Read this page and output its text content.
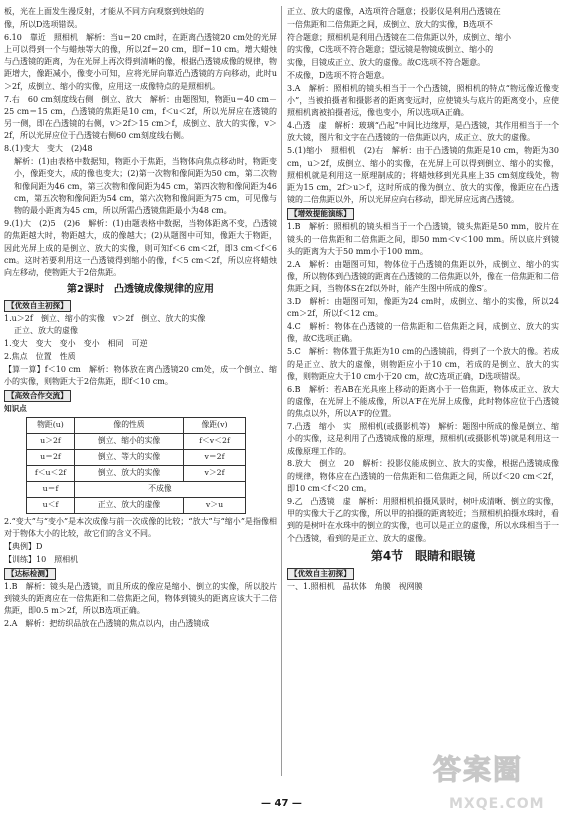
板，光在上面发生漫反射，才能从不同方向观察到烛焰的

像，所以D选项错误。

6.10　靠近　照相机　解析：当u＝20 cm时，在距离凸透镜20 cm处的光屏上可以得到一个与蜡烛等大的像，所以2f＝20 cm，即f＝10 cm。增大蜡烛与凸透镜的距离，为在光屏上再次得到清晰的像，根据凸透镜成像的规律，物距增大，像距减小，像变小可知，应将光屏向靠近凸透镜的方向移动，此时u＞2f，成倒立、缩小的实像，应用这一成像特点的是照相机。

7.右　60 cm刻度线右侧　倒立、放大　解析：由题图知，物距u＝40 cm－25 cm＝15 cm，凸透镜的焦距是10 cm，f＜u＜2f，所以光屏应在透镜的另一侧，即在凸透镜的右侧，v＞2f＞15 cm＞f，成倒立、放大的实像，v＞2f，所以光屏应位于凸透镜右侧60 cm刻度线右侧。

8.(1)变大　变大　(2)48

解析：(1)由表格中数据知，物距小于焦距，当物体向焦点移动时，物距变小，像距变大，成的像也变大；(2)第一次物和像间距为50 cm，第二次物和像间距为46 cm，第三次物和像间距为45 cm，第四次物和像间距为46 cm，第五次物和像间距为54 cm，第六次物和像间距为75 cm，可见像与物的最小距离为45 cm，所以所需凸透镜焦距最小为48 cm。

9.(1)大　(2)5　(2)6　解析：(1)由题表格中数据，当物体距离不变，凸透镜的焦距越大时，物距越大，成的像越大；(2)从题图中可知，像距大于物距，因此光屏上成的是倒立、放大的实像，则可知f＜6 cm＜2f，即3 cm＜f＜6 cm。这时若要利用这一凸透镜得到缩小的像，f＜5 cm＜2f，所以应将蜡烛向左移动，使物距大于2倍焦距。

第2课时　凸透镜成像规律的应用
【优效自主初探】

1.u＞2f　倒立、缩小的实像　v＞2f　倒立、放大的实像

正立、放大的虚像

1.变大　变大　变小　变小　相同　可逆

2.焦点　位置　性质

【算一算】f＜10 cm　解析：物体放在离凸透镜20 cm处，成一个倒立、缩小的实像，则物距大于2倍焦距，即f＜10 cm。

【高效合作交流】

知识点

物距(u)	像的性质	像距(v)
u＞2f	倒立、缩小的实像	f＜v＜2f
u＝2f	倒立、等大的实像	v＝2f
f＜u＜2f	倒立、放大的实像	v＞2f
u＝f	不成像	
u＜f	正立、放大的虚像	v＞u

2.“变大”与“变小”是本次成像与前一次成像的比较；“放大”与“缩小”是指像相对于物体大小的比较，故它们的含义不同。

【典例】D

【训练】10　照相机

【达标检测】

1.B　解析：镜头是凸透镜，而且所成的像应是缩小、倒立的实像，所以胶片到镜头的距离应在一倍焦距和二倍焦距之间，物体到镜头的距离应该大于二倍焦距，即0.5 m＞2f，所以B选项正确。

2.A　解析：把纺织品放在凸透镜的焦点以内，由凸透镜成

正立、放大的虚像，A选项符合题意；投影仪是利用凸透镜在

一倍焦距和二倍焦距之间，成倒立、放大的实像，B选项不

符合题意；照相机是利用凸透镜在二倍焦距以外，成倒立、缩小

的实像，C选项不符合题意；望远镜是物镜成倒立、缩小的

实像，目镜成正立、放大的虚像。故C选项不符合题意。

不成像，D选项不符合题意。

3.A　解析：照相机的镜头相当于一个凸透镜，照相机的特点“物远像近像变小”，当被拍摄者和摄影者的距离变远时，应使镜头与底片的距离变小，应使照相机离被拍摄者远，像也变小，所以选项A正确。

4.凸透　虚　解析：玻璃“凸起”中间比边缘厚，是凸透镜，其作用相当于一个放大镜，图片和文字在凸透镜的一倍焦距以内，成正立、放大的虚像。

5.(1)缩小　照相机　(2)右　解析：由于凸透镜的焦距是10 cm，物距为30 cm，u＞2f，成倒立、缩小的实像，在光屏上可以得到倒立、缩小的实像，照相机就是利用这一原理制成的；将蜡烛移到光具座上35 cm刻度线处，物距为15 cm，2f＞u＞f，这时所成的像为倒立、放大的实像，像距应在凸透镜的二倍焦距以外，所以光屏应向右移动，即光屏应远离凸透镜。

【增效提能演练】

1.B　解析：照相机的镜头相当于一个凸透镜，镜头焦距是50 mm，胶片在镜头的一倍焦距和二倍焦距之间，即50 mm＜v＜100 mm。所以底片到镜头的距离为大于50 mm小于100 mm。

2.A　解析：由题图可知，物体位于凸透镜的焦距以外，成倒立、缩小的实像，所以物体到凸透镜的距离在凸透镜的二倍焦距以外，像在一倍焦距和二倍焦距之间，当物体S在2f以外时，能产生图中所成的像S′。

3.D　解析：由题图可知，像距为24 cm时，成倒立、缩小的实像，所以24 cm＞2f，所以f＜12 cm。

4.C　解析：物体在凸透镜的一倍焦距和二倍焦距之间，成倒立、放大的实像，故C选项正确。

5.C　解析：物体置于焦距为10 cm的凸透镜前，得到了一个放大的像。若成的是正立、放大的虚像，则物距应小于10 cm，若成的是倒立、放大的实像，则物距应大于10 cm小于20 cm，故C选项正确，D选项错误。

6.B　解析：若AB在光具座上移动的距离小于一倍焦距，物体成正立、放大的虚像，在光屏上不能成像，所以A′F在光屏上成像，此时物体应位于凸透镜的焦点以外，所以A′F的位置。

7.凸透　缩小　实　照相机(或摄影机等)　解析：题图中所成的像是倒立、缩小的实像，这是利用了凸透镜成像的原理，照相机(或摄影机等)就是利用这一成像原理工作的。

8.放大　倒立　20　解析：投影仪能成倒立、放大的实像，根据凸透镜成像的规律，物体应在凸透镜的一倍焦距和二倍焦距之间，所以f＜20 cm＜2f，即10 cm＜f＜20 cm。

9.乙　凸透镜　虚　解析：用照相机拍摄风景时，树叶成清晰、倒立的实像，甲的实像大于乙的实像，所以甲的拍摄的距离较近；当照相机拍摄水珠时，看到的是树叶在水珠中的倒立的实像，也可以是正立的虚像，所以水珠相当于一个凸透镜，看到的是正立、放大的虚像。

第4节　眼睛和眼镜
【优效自主初探】

一、1.照相机　晶状体　角膜　视网膜

— 47 —
答案圈
MXQE.COM
